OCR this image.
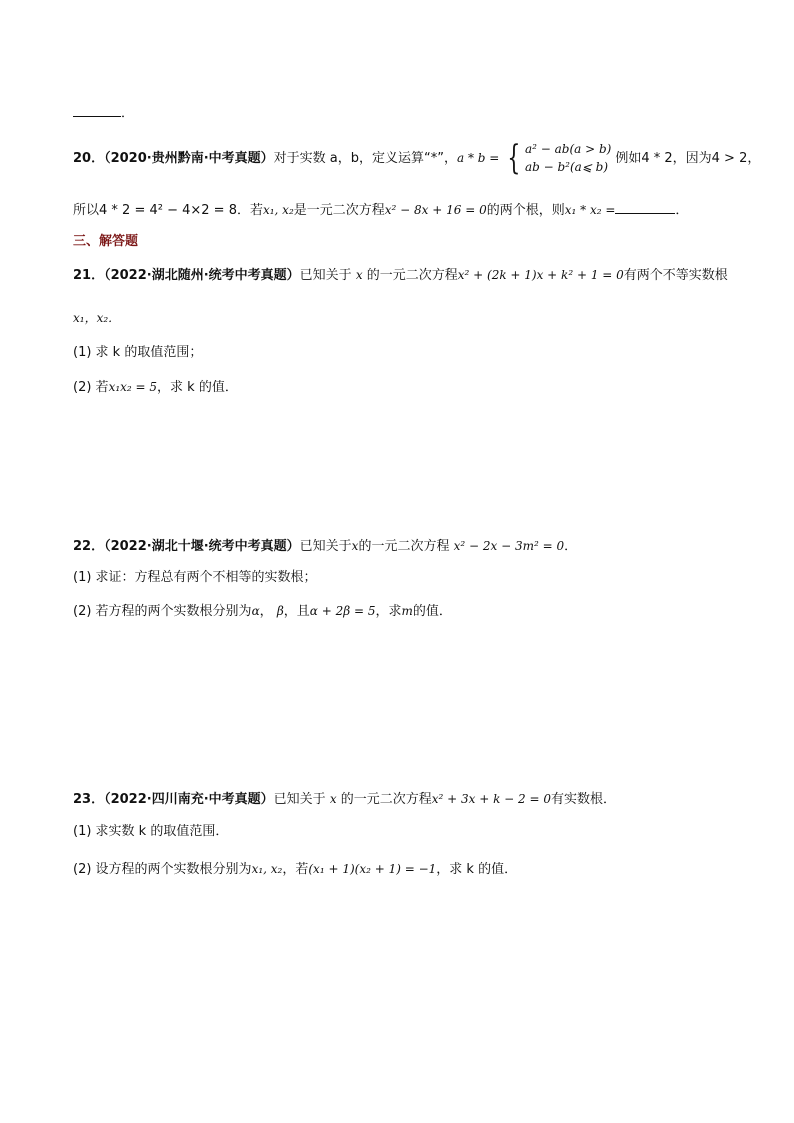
．
20．（2020·贵州黔南·中考真题）对于实数 a，b，定义运算“*”，a * b = { a² − ab(a > b)
ab − b²(a⩽ b)
例如4 * 2，因为4 > 2，
所以4 * 2 = 4² − 4×2 = 8．若x₁, x₂是一元二次方程x² − 8x + 16 = 0的两个根，则x₁ * x₂ =	．
三、解答题
21．（2022·湖北随州·统考中考真题）已知关于 x 的一元二次方程x² + (2k + 1)x + k² + 1 = 0有两个不等实数根
x₁，x₂．
(1) 求 k 的取值范围；
(2) 若x₁x₂ = 5，求 k 的值．
22．（2022·湖北十堰·统考中考真题）已知关于x的一元二次方程 x² − 2x − 3m² = 0．
(1) 求证：方程总有两个不相等的实数根；
(2) 若方程的两个实数根分别为α， β，且α + 2β = 5，求m的值．
23．（2022·四川南充·中考真题）已知关于 x 的一元二次方程x² + 3x + k − 2 = 0有实数根．
(1) 求实数 k 的取值范围．
(2) 设方程的两个实数根分别为x₁, x₂，若(x₁ + 1)(x₂ + 1) = −1，求 k 的值．
